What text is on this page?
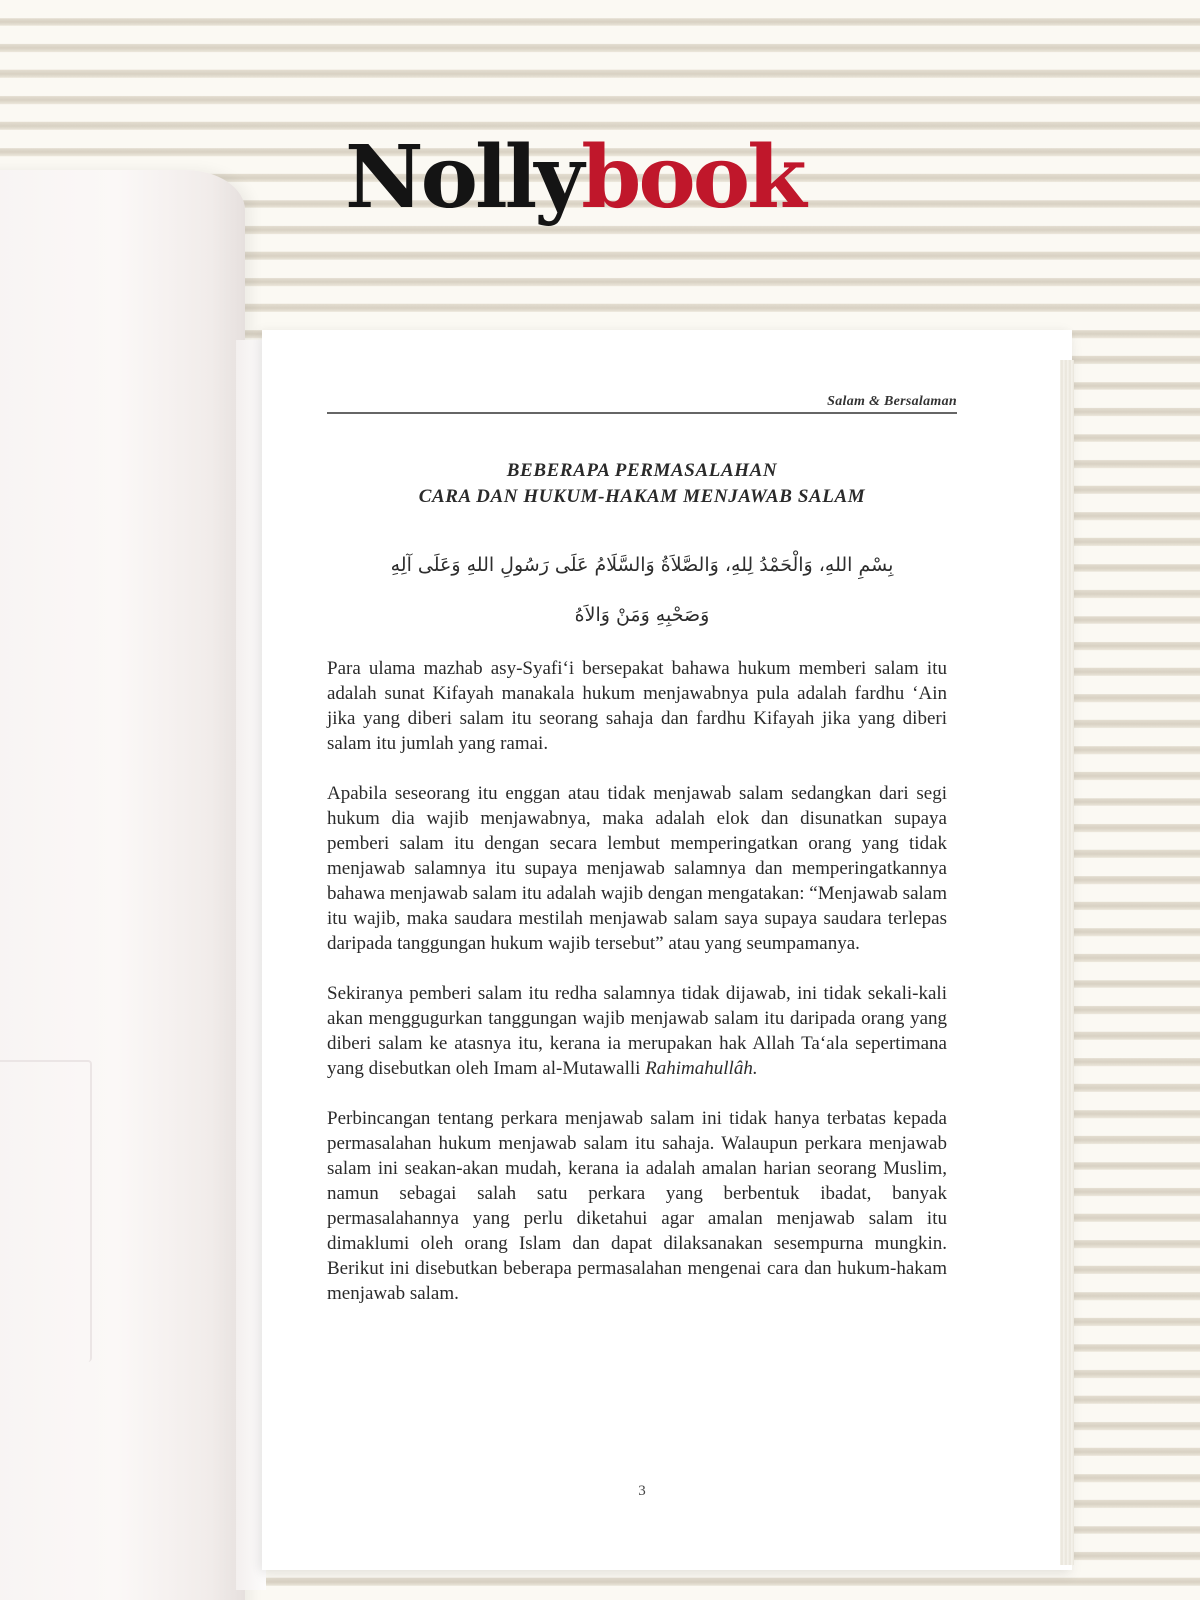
Nollybook
Salam & Bersalaman
BEBERAPA PERMASALAHAN
CARA DAN HUKUM-HAKAM MENJAWAB SALAM
بِسْمِ اللهِ، وَالْحَمْدُ لِلهِ، وَالصَّلاَةُ وَالسَّلَامُ عَلَى رَسُولِ اللهِ وَعَلَى آلِهِ
وَصَحْبِهِ وَمَنْ وَالاَهُ

Para ulama mazhab asy-Syafi‘i bersepakat bahawa hukum memberi salam itu adalah sunat Kifayah manakala hukum menjawabnya pula adalah fardhu ‘Ain jika yang diberi salam itu seorang sahaja dan fardhu Kifayah jika yang diberi salam itu jumlah yang ramai.

Apabila seseorang itu enggan atau tidak menjawab salam sedangkan dari segi hukum dia wajib menjawabnya, maka adalah elok dan disunatkan supaya pemberi salam itu dengan secara lembut memperingatkan orang yang tidak menjawab salamnya itu supaya menjawab salamnya dan memperingatkannya bahawa menjawab salam itu adalah wajib dengan mengatakan: “Menjawab salam itu wajib, maka saudara mestilah menjawab salam saya supaya saudara terlepas daripada tanggungan hukum wajib tersebut” atau yang seumpamanya.

Sekiranya pemberi salam itu redha salamnya tidak dijawab, ini tidak sekali-kali akan menggugurkan tanggungan wajib menjawab salam itu daripada orang yang diberi salam ke atasnya itu, kerana ia merupakan hak Allah Ta‘ala sepertimana yang disebutkan oleh Imam al-Mutawalli Rahimahullâh.

Perbincangan tentang perkara menjawab salam ini tidak hanya terbatas kepada permasalahan hukum menjawab salam itu sahaja. Walaupun perkara menjawab salam ini seakan-akan mudah, kerana ia adalah amalan harian seorang Muslim, namun sebagai salah satu perkara yang berbentuk ibadat, banyak permasalahannya yang perlu diketahui agar amalan menjawab salam itu dimaklumi oleh orang Islam dan dapat dilaksanakan sesempurna mungkin. Berikut ini disebutkan beberapa permasalahan mengenai cara dan hukum-hakam menjawab salam.

3
